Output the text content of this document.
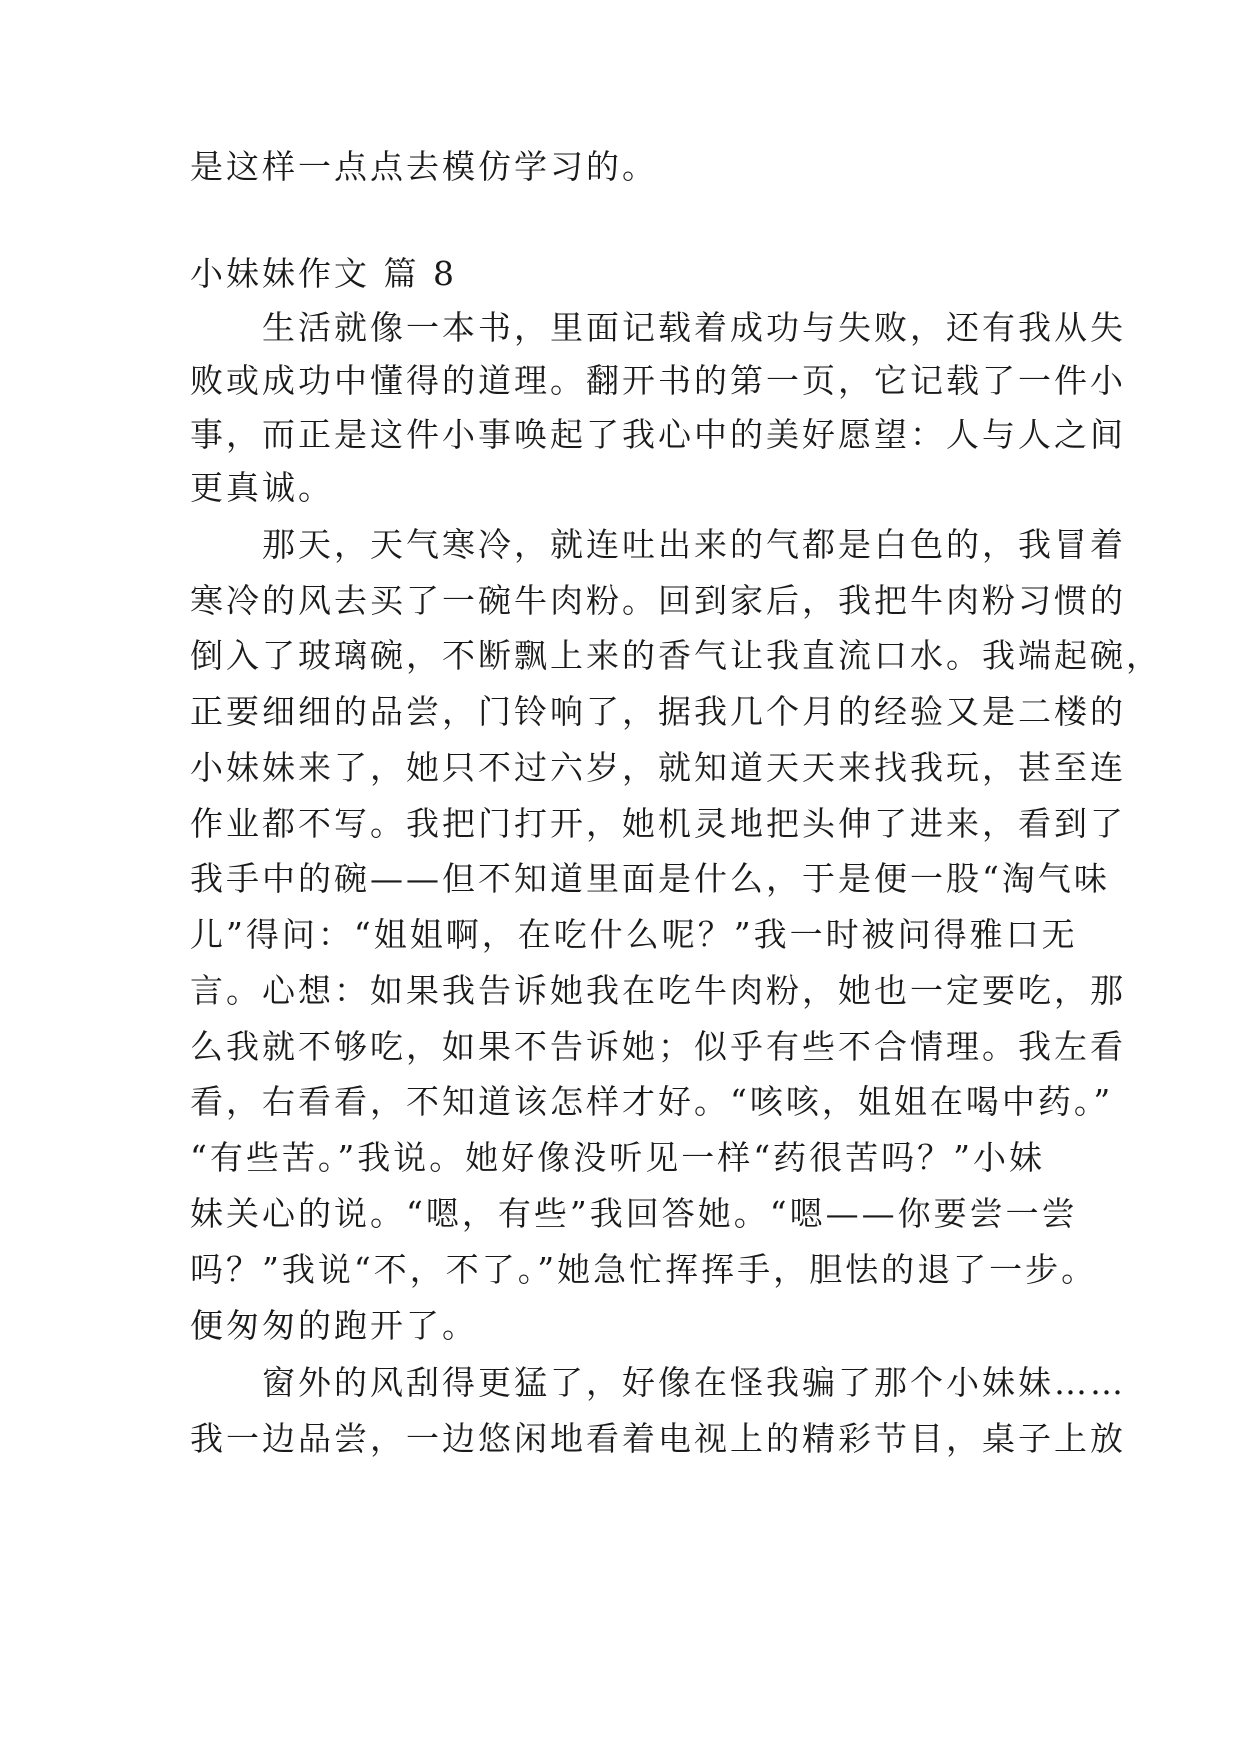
是这样一点点去模仿学习的。
小妹妹作文 篇 8
　　生活就像一本书，里面记载着成功与失败，还有我从失
败或成功中懂得的道理。翻开书的第一页，它记载了一件小
事，而正是这件小事唤起了我心中的美好愿望：人与人之间
更真诚。
　　那天，天气寒冷，就连吐出来的气都是白色的，我冒着
寒冷的风去买了一碗牛肉粉。回到家后，我把牛肉粉习惯的
倒入了玻璃碗，不断飘上来的香气让我直流口水。我端起碗，
正要细细的品尝，门铃响了，据我几个月的经验又是二楼的
小妹妹来了，她只不过六岁，就知道天天来找我玩，甚至连
作业都不写。我把门打开，她机灵地把头伸了进来，看到了
我手中的碗——但不知道里面是什么，于是便一股“淘气味
儿”得问：“姐姐啊，在吃什么呢？”我一时被问得雅口无
言。心想：如果我告诉她我在吃牛肉粉，她也一定要吃，那
么我就不够吃，如果不告诉她；似乎有些不合情理。我左看
看，右看看，不知道该怎样才好。“咳咳，姐姐在喝中药。”
“有些苦。”我说。她好像没听见一样“药很苦吗？”小妹
妹关心的说。“嗯，有些”我回答她。“嗯——你要尝一尝
吗？”我说“不，不了。”她急忙挥挥手，胆怯的退了一步。
便匆匆的跑开了。
　　窗外的风刮得更猛了，好像在怪我骗了那个小妹妹……
我一边品尝，一边悠闲地看着电视上的精彩节目，桌子上放
